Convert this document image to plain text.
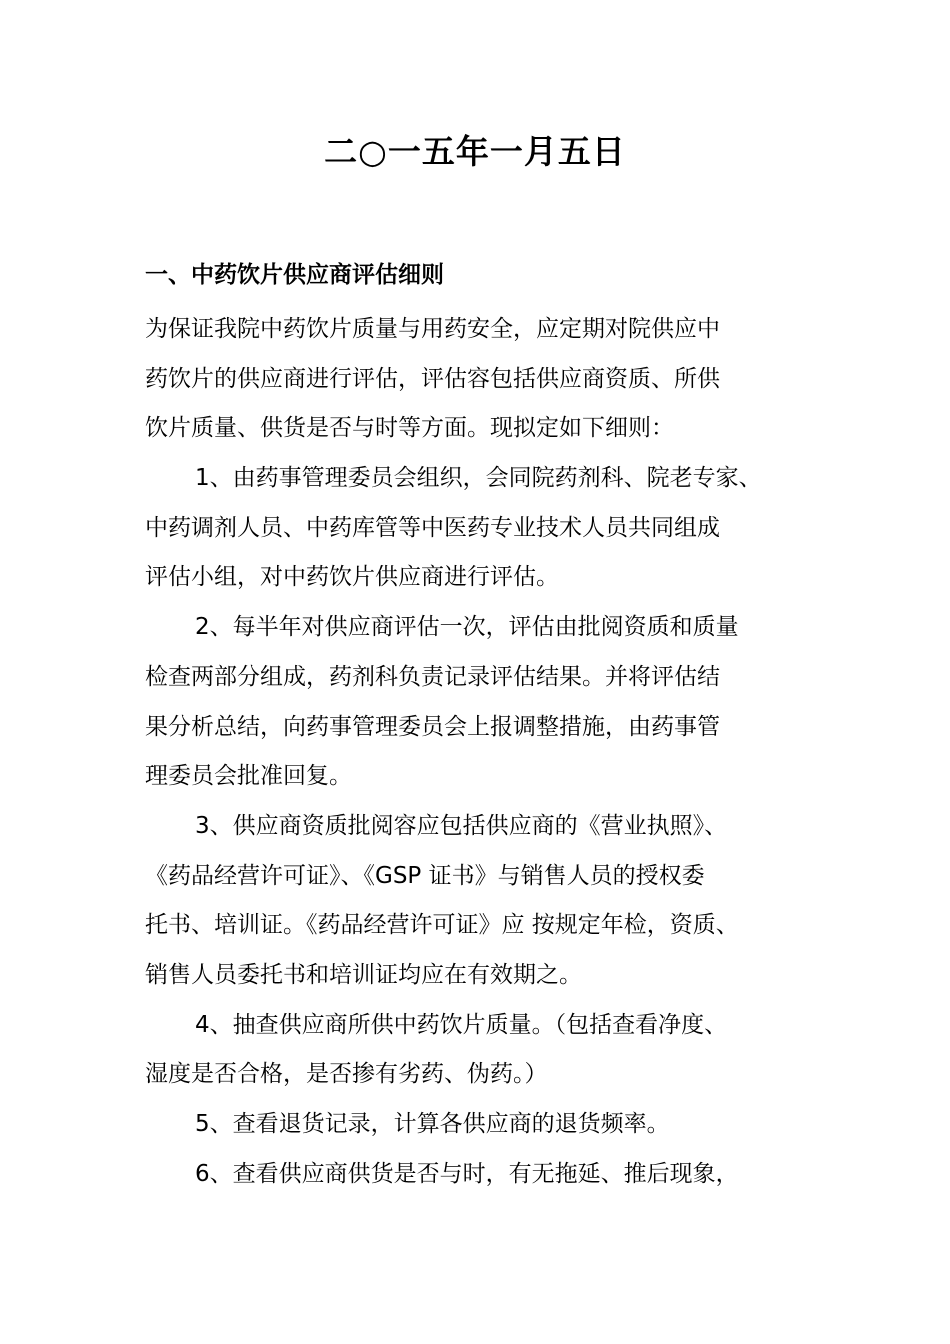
二○一五年一月五日
一、中药饮片供应商评估细则
为保证我院中药饮片质量与用药安全，应定期对院供应中
药饮片的供应商进行评估，评估容包括供应商资质、所供
饮片质量、供货是否与时等方面。现拟定如下细则：
1、由药事管理委员会组织，会同院药剂科、院老专家、
中药调剂人员、中药库管等中医药专业技术人员共同组成
评估小组，对中药饮片供应商进行评估。
2、每半年对供应商评估一次，评估由批阅资质和质量
检查两部分组成，药剂科负责记录评估结果。并将评估结
果分析总结，向药事管理委员会上报调整措施，由药事管
理委员会批准回复。
3、供应商资质批阅容应包括供应商的《营业执照》、
《药品经营许可证》、《GSP 证书》与销售人员的授权委
托书、培训证。《药品经营许可证》应 按规定年检，资质、
销售人员委托书和培训证均应在有效期之。
4、抽查供应商所供中药饮片质量。（包括查看净度、
湿度是否合格，是否掺有劣药、伪药。）
5、查看退货记录，计算各供应商的退货频率。
6、查看供应商供货是否与时，有无拖延、推后现象，
